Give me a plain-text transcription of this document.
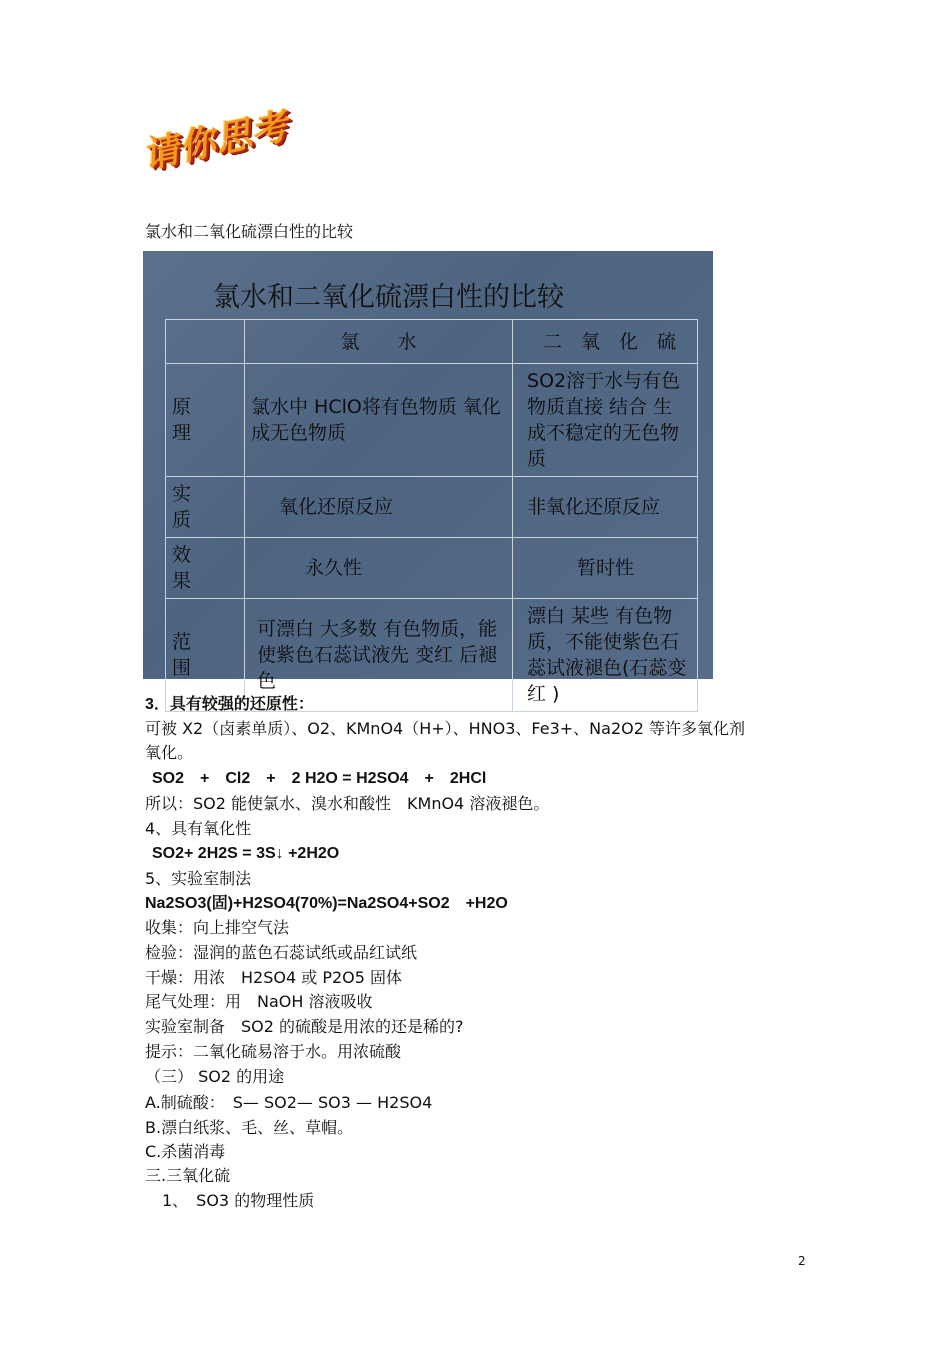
请你思考
氯水和二氧化硫漂白性的比较
氯水和二氧化硫漂白性的比较
	氯　　水	二　氧　化　硫
原　理	氯水中 HClO将有色物质 氧化 成无色物质	SO2溶于水与有色物质直接 结合 生成不稳定的无色物质
实　质	氧化还原反应	非氧化还原反应
效　果	永久性	暂时性
范　围	可漂白 大多数 有色物质，能使紫色石蕊试液先 变红 后褪色	漂白 某些 有色物质，不能使紫色石蕊试液褪色(石蕊变红 )
3．具有较强的还原性：
可被 X2（卤素单质）、O2、KMnO4（H+）、HNO3、Fe3+、Na2O2 等许多氧化剂
氧化。
SO2　+　Cl2　+　2 H2O = H2SO4　+　2HCl
所以：SO2 能使氯水、溴水和酸性　KMnO4 溶液褪色。
4、具有氧化性
SO2+ 2H2S = 3S↓ +2H2O
5、实验室制法
Na2SO3(固)+H2SO4(70%)=Na2SO4+SO2　+H2O
收集：向上排空气法
检验：湿润的蓝色石蕊试纸或品红试纸
干燥：用浓　H2SO4 或 P2O5 固体
尾气处理：用　NaOH 溶液吸收
实验室制备　SO2 的硫酸是用浓的还是稀的?
提示：二氧化硫易溶于水。用浓硫酸
（三） SO2 的用途
A.制硫酸：　S— SO2— SO3 — H2SO4
B.漂白纸浆、毛、丝、草帽。
C.杀菌消毒
三.三氧化硫
1、　SO3 的物理性质
2
